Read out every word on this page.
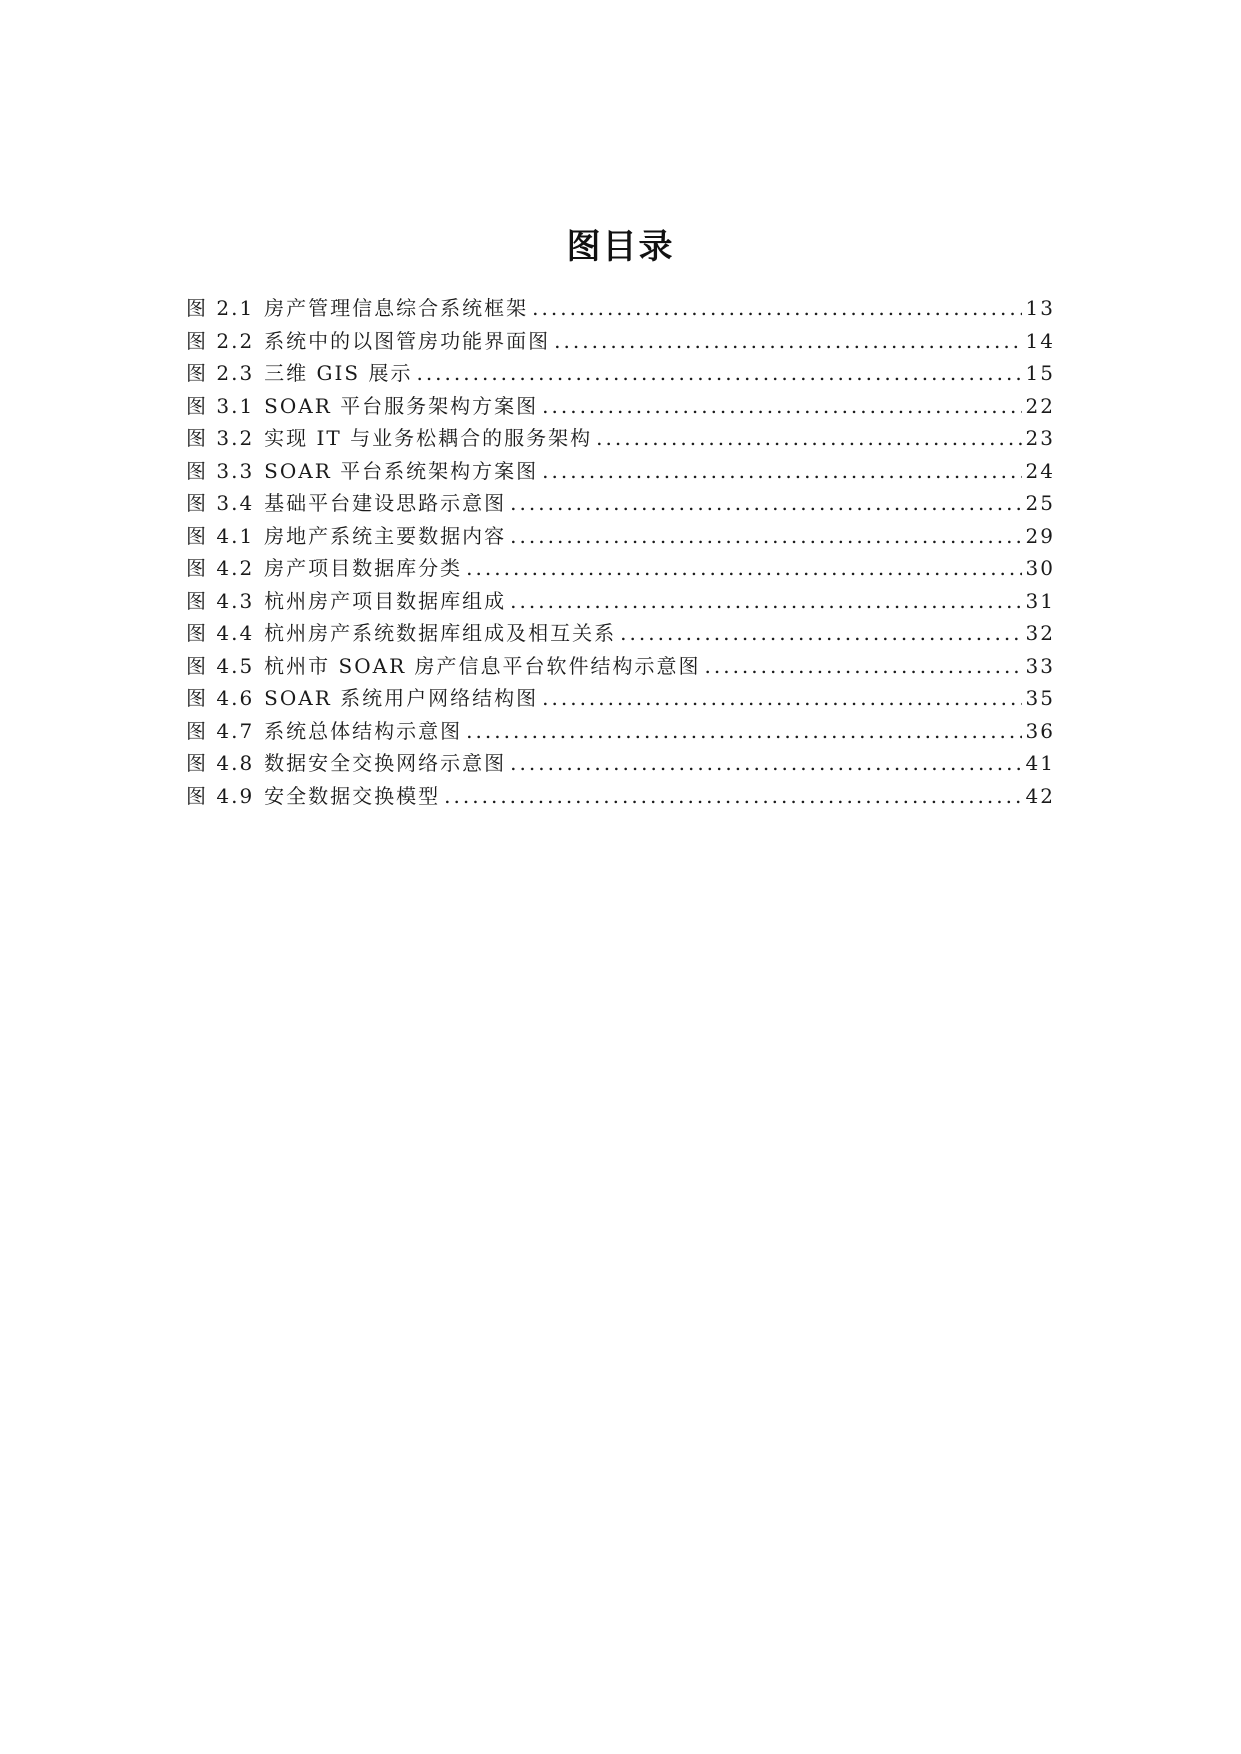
图目录
图 2.1 房产管理信息综合系统框架 .....	13
图 2.2 系统中的以图管房功能界面图 .....	14
图 2.3 三维 GIS 展示 .....	15
图 3.1 SOAR 平台服务架构方案图 .....	22
图 3.2 实现 IT 与业务松耦合的服务架构 .....	23
图 3.3 SOAR 平台系统架构方案图 .....	24
图 3.4 基础平台建设思路示意图 .....	25
图 4.1 房地产系统主要数据内容 .....	29
图 4.2 房产项目数据库分类 .....	30
图 4.3 杭州房产项目数据库组成 .....	31
图 4.4 杭州房产系统数据库组成及相互关系 .....	32
图 4.5 杭州市 SOAR 房产信息平台软件结构示意图 .....	33
图 4.6 SOAR 系统用户网络结构图 .....	35
图 4.7 系统总体结构示意图 .....	36
图 4.8 数据安全交换网络示意图 .....	41
图 4.9 安全数据交换模型 .....	42
